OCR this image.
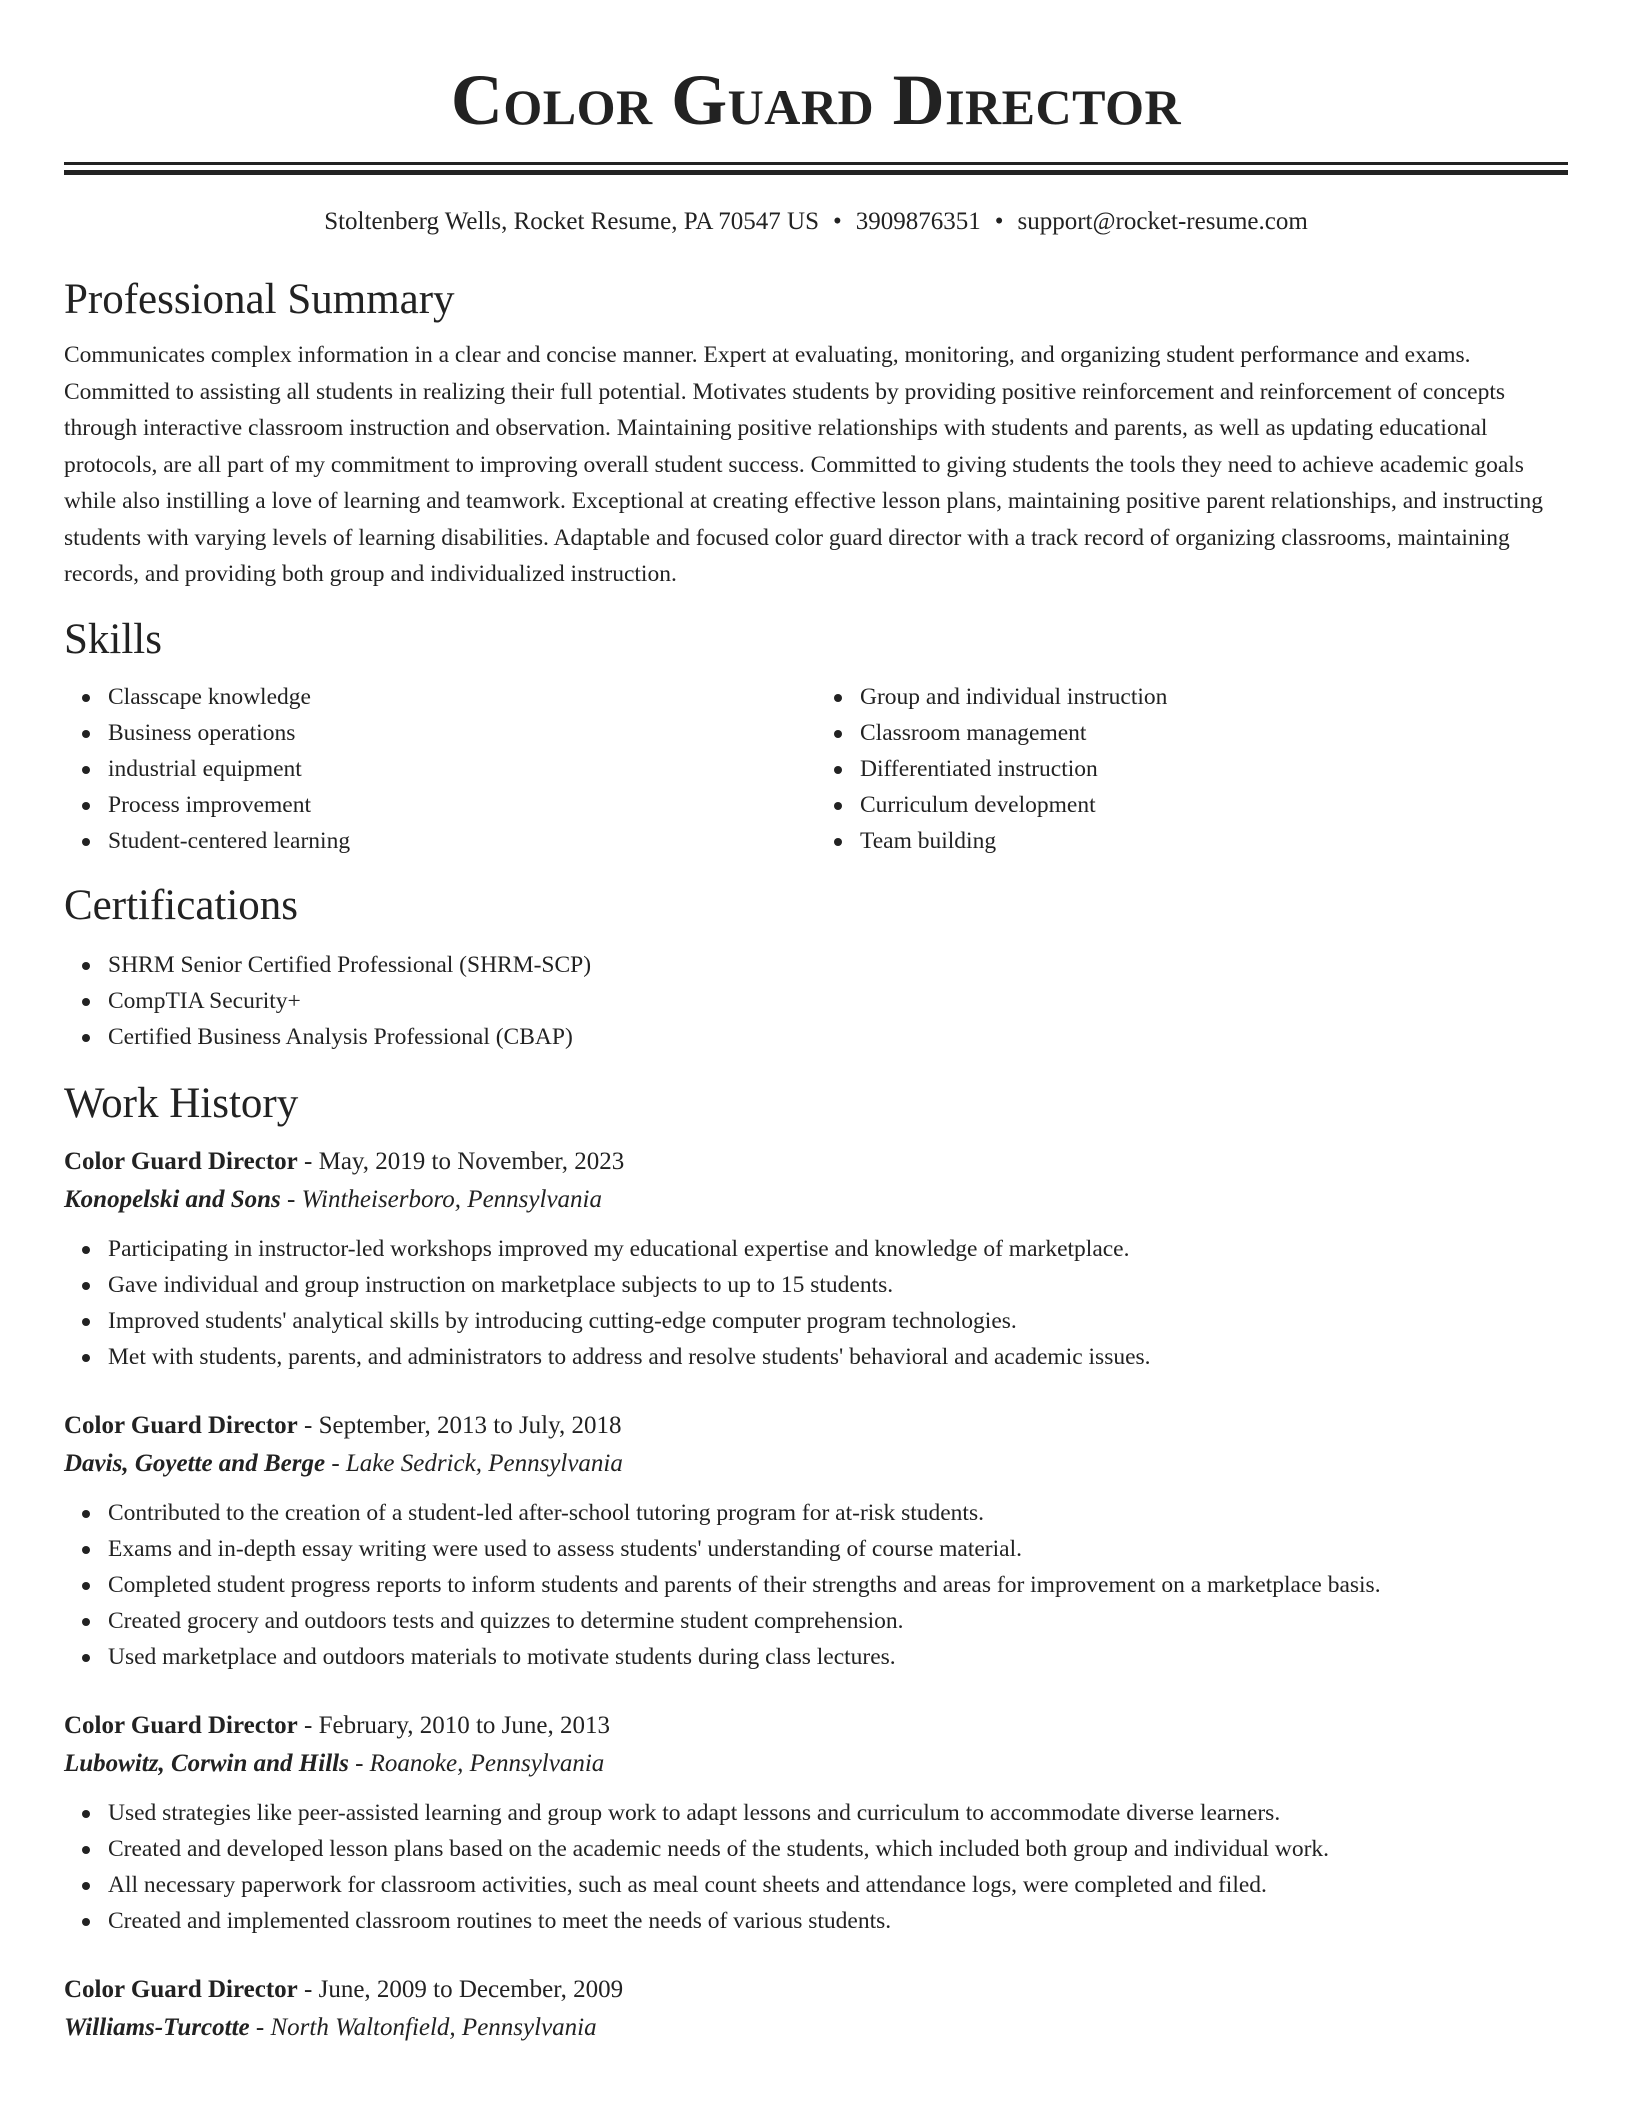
Color Guard Director
Stoltenberg Wells, Rocket Resume, PA 70547 US • 3909876351 • support@rocket-resume.com
Professional Summary
Communicates complex information in a clear and concise manner. Expert at evaluating, monitoring, and organizing student performance and exams. Committed to assisting all students in realizing their full potential. Motivates students by providing positive reinforcement and reinforcement of concepts through interactive classroom instruction and observation. Maintaining positive relationships with students and parents, as well as updating educational protocols, are all part of my commitment to improving overall student success. Committed to giving students the tools they need to achieve academic goals while also instilling a love of learning and teamwork. Exceptional at creating effective lesson plans, maintaining positive parent relationships, and instructing students with varying levels of learning disabilities. Adaptable and focused color guard director with a track record of organizing classrooms, maintaining records, and providing both group and individualized instruction.
Skills
Classcape knowledge
Business operations
industrial equipment
Process improvement
Student-centered learning
Group and individual instruction
Classroom management
Differentiated instruction
Curriculum development
Team building
Certifications
SHRM Senior Certified Professional (SHRM-SCP)
CompTIA Security+
Certified Business Analysis Professional (CBAP)
Work History
Color Guard Director - May, 2019 to November, 2023
Konopelski and Sons - Wintheiserboro, Pennsylvania
Participating in instructor-led workshops improved my educational expertise and knowledge of marketplace.
Gave individual and group instruction on marketplace subjects to up to 15 students.
Improved students' analytical skills by introducing cutting-edge computer program technologies.
Met with students, parents, and administrators to address and resolve students' behavioral and academic issues.
Color Guard Director - September, 2013 to July, 2018
Davis, Goyette and Berge - Lake Sedrick, Pennsylvania
Contributed to the creation of a student-led after-school tutoring program for at-risk students.
Exams and in-depth essay writing were used to assess students' understanding of course material.
Completed student progress reports to inform students and parents of their strengths and areas for improvement on a marketplace basis.
Created grocery and outdoors tests and quizzes to determine student comprehension.
Used marketplace and outdoors materials to motivate students during class lectures.
Color Guard Director - February, 2010 to June, 2013
Lubowitz, Corwin and Hills - Roanoke, Pennsylvania
Used strategies like peer-assisted learning and group work to adapt lessons and curriculum to accommodate diverse learners.
Created and developed lesson plans based on the academic needs of the students, which included both group and individual work.
All necessary paperwork for classroom activities, such as meal count sheets and attendance logs, were completed and filed.
Created and implemented classroom routines to meet the needs of various students.
Color Guard Director - June, 2009 to December, 2009
Williams-Turcotte - North Waltonfield, Pennsylvania
